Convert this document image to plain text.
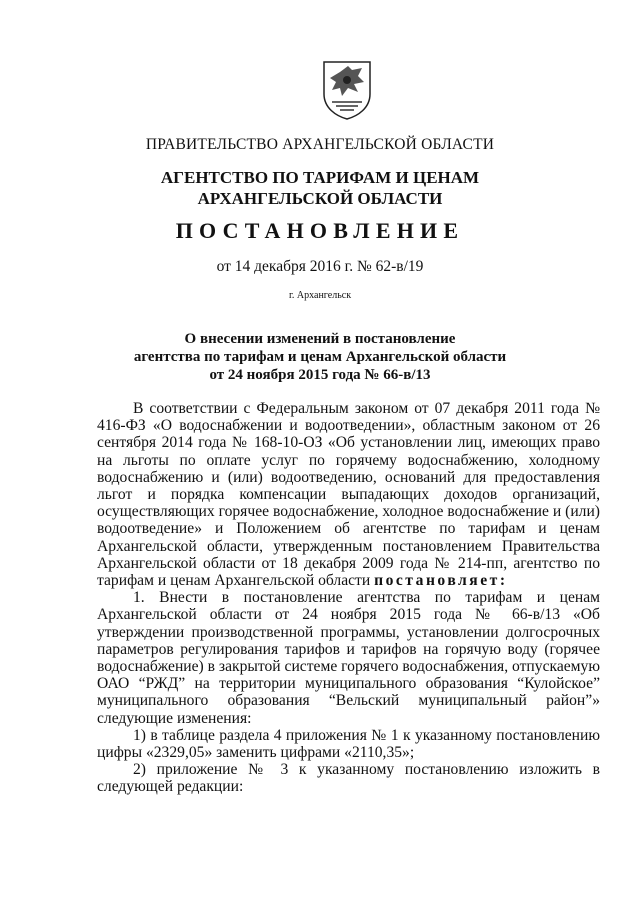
ПРАВИТЕЛЬСТВО АРХАНГЕЛЬСКОЙ ОБЛАСТИ
АГЕНТСТВО ПО ТАРИФАМ И ЦЕНАМ
АРХАНГЕЛЬСКОЙ ОБЛАСТИ
ПОСТАНОВЛЕНИЕ
от 14 декабря 2016 г. № 62-в/19
г. Архангельск
О внесении изменений в постановление
агентства по тарифам и ценам Архангельской области
от 24 ноября 2015 года № 66-в/13

В соответствии с Федеральным законом от 07 декабря 2011 года № 416-ФЗ «О водоснабжении и водоотведении», областным законом от 26 сентября 2014 года № 168-10-ОЗ «Об установлении лиц, имеющих право на льготы по оплате услуг по горячему водоснабжению, холодному водоснабжению и (или) водоотведению, оснований для предоставления льгот и порядка компенсации выпадающих доходов организаций, осуществляющих горячее водоснабжение, холодное водоснабжение и (или) водоотведение» и Положением об агентстве по тарифам и ценам Архангельской области, утвержденным постановлением Правительства Архангельской области от 18 декабря 2009 года № 214-пп, агентство по тарифам и ценам Архангельской области постановляет:

1. Внести в постановление агентства по тарифам и ценам Архангельской области от 24 ноября 2015 года № 66-в/13 «Об утверждении производственной программы, установлении долгосрочных параметров регулирования тарифов и тарифов на горячую воду (горячее водоснабжение) в закрытой системе горячего водоснабжения, отпускаемую ОАО “РЖД” на территории муниципального образования “Кулойское” муниципального образования “Вельский муниципальный район”» следующие изменения:

1) в таблице раздела 4 приложения № 1 к указанному постановлению цифры «2329,05» заменить цифрами «2110,35»;

2) приложение № 3 к указанному постановлению изложить в следующей редакции:
